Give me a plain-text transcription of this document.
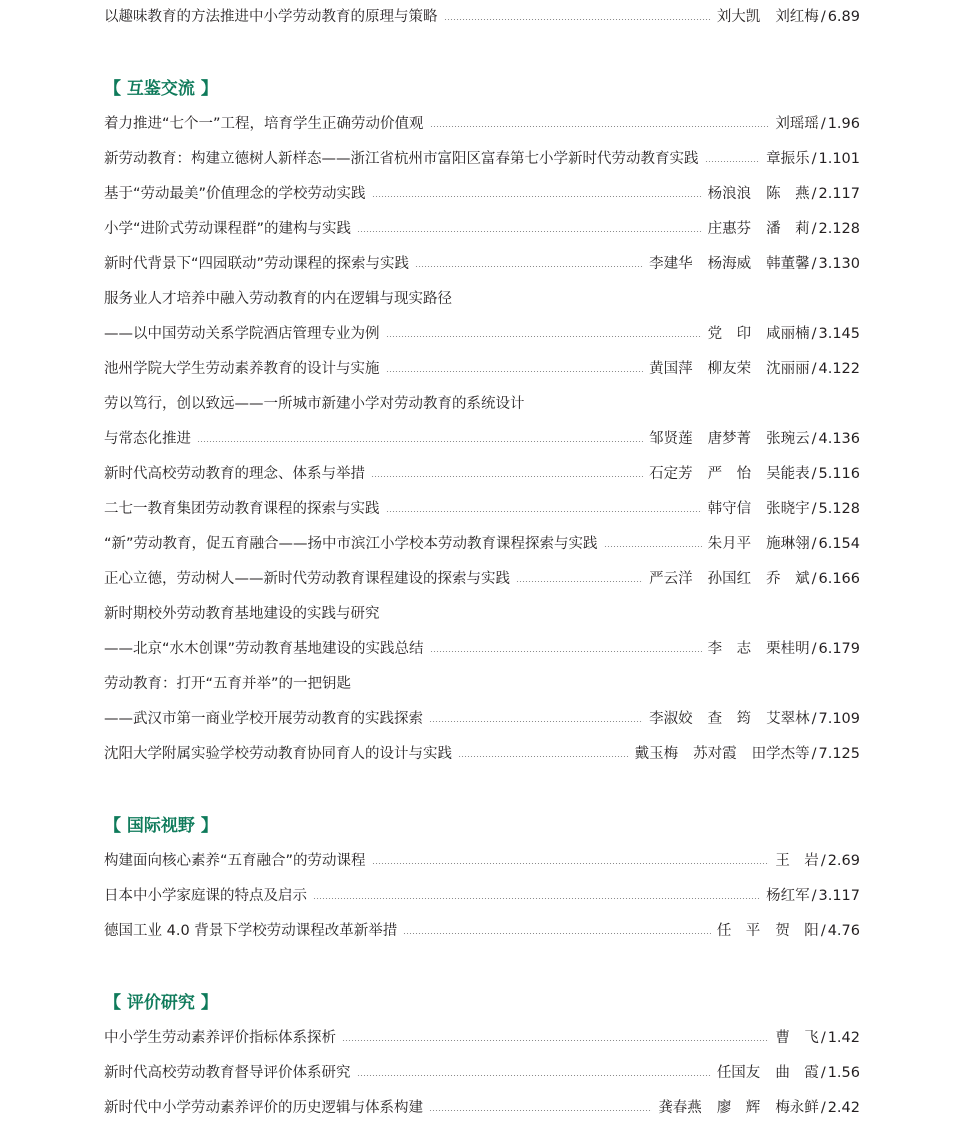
以趣味教育的方法推进中小学劳动教育的原理与策略	刘大凯 刘红梅 / 6.89
【 互鉴交流 】
着力推进“七个一”工程，培育学生正确劳动价值观	刘瑶瑶 / 1.96
新劳动教育：构建立德树人新样态——浙江省杭州市富阳区富春第七小学新时代劳动教育实践	章振乐 / 1.101
基于“劳动最美”价值理念的学校劳动实践	杨浪浪 陈　燕 / 2.117
小学“进阶式劳动课程群”的建构与实践	庄惠芬 潘　莉 / 2.128
新时代背景下“四园联动”劳动课程的探索与实践	李建华 杨海威 韩董馨 / 3.130
服务业人才培养中融入劳动教育的内在逻辑与现实路径
——以中国劳动关系学院酒店管理专业为例	党　印 咸丽楠 / 3.145
池州学院大学生劳动素养教育的设计与实施	黄国萍 柳友荣 沈丽丽 / 4.122
劳以笃行，创以致远——一所城市新建小学对劳动教育的系统设计
与常态化推进	邹贤莲 唐梦菁 张琬云 / 4.136
新时代高校劳动教育的理念、体系与举措	石定芳 严　怡 吴能表 / 5.116
二七一教育集团劳动教育课程的探索与实践	韩守信 张晓宇 / 5.128
“新”劳动教育，促五育融合——扬中市滨江小学校本劳动教育课程探索与实践	朱月平 施琳翎 / 6.154
正心立德，劳动树人——新时代劳动教育课程建设的探索与实践	严云洋 孙国红 乔　斌 / 6.166
新时期校外劳动教育基地建设的实践与研究
——北京“水木创课”劳动教育基地建设的实践总结	李　志 栗桂明 / 6.179
劳动教育：打开“五育并举”的一把钥匙
——武汉市第一商业学校开展劳动教育的实践探索	李淑姣 查　筠 艾翠林 / 7.109
沈阳大学附属实验学校劳动教育协同育人的设计与实践	戴玉梅 苏对霞 田学杰等 / 7.125
【 国际视野 】
构建面向核心素养“五育融合”的劳动课程	王　岩 / 2.69
日本中小学家庭课的特点及启示	杨红军 / 3.117
德国工业 4.0 背景下学校劳动课程改革新举措	任　平 贺　阳 / 4.76
【 评价研究 】
中小学生劳动素养评价指标体系探析	曹　飞 / 1.42
新时代高校劳动教育督导评价体系研究	任国友 曲　霞 / 1.56
新时代中小学劳动素养评价的历史逻辑与体系构建	龚春燕 廖　辉 梅永鲜 / 2.42
